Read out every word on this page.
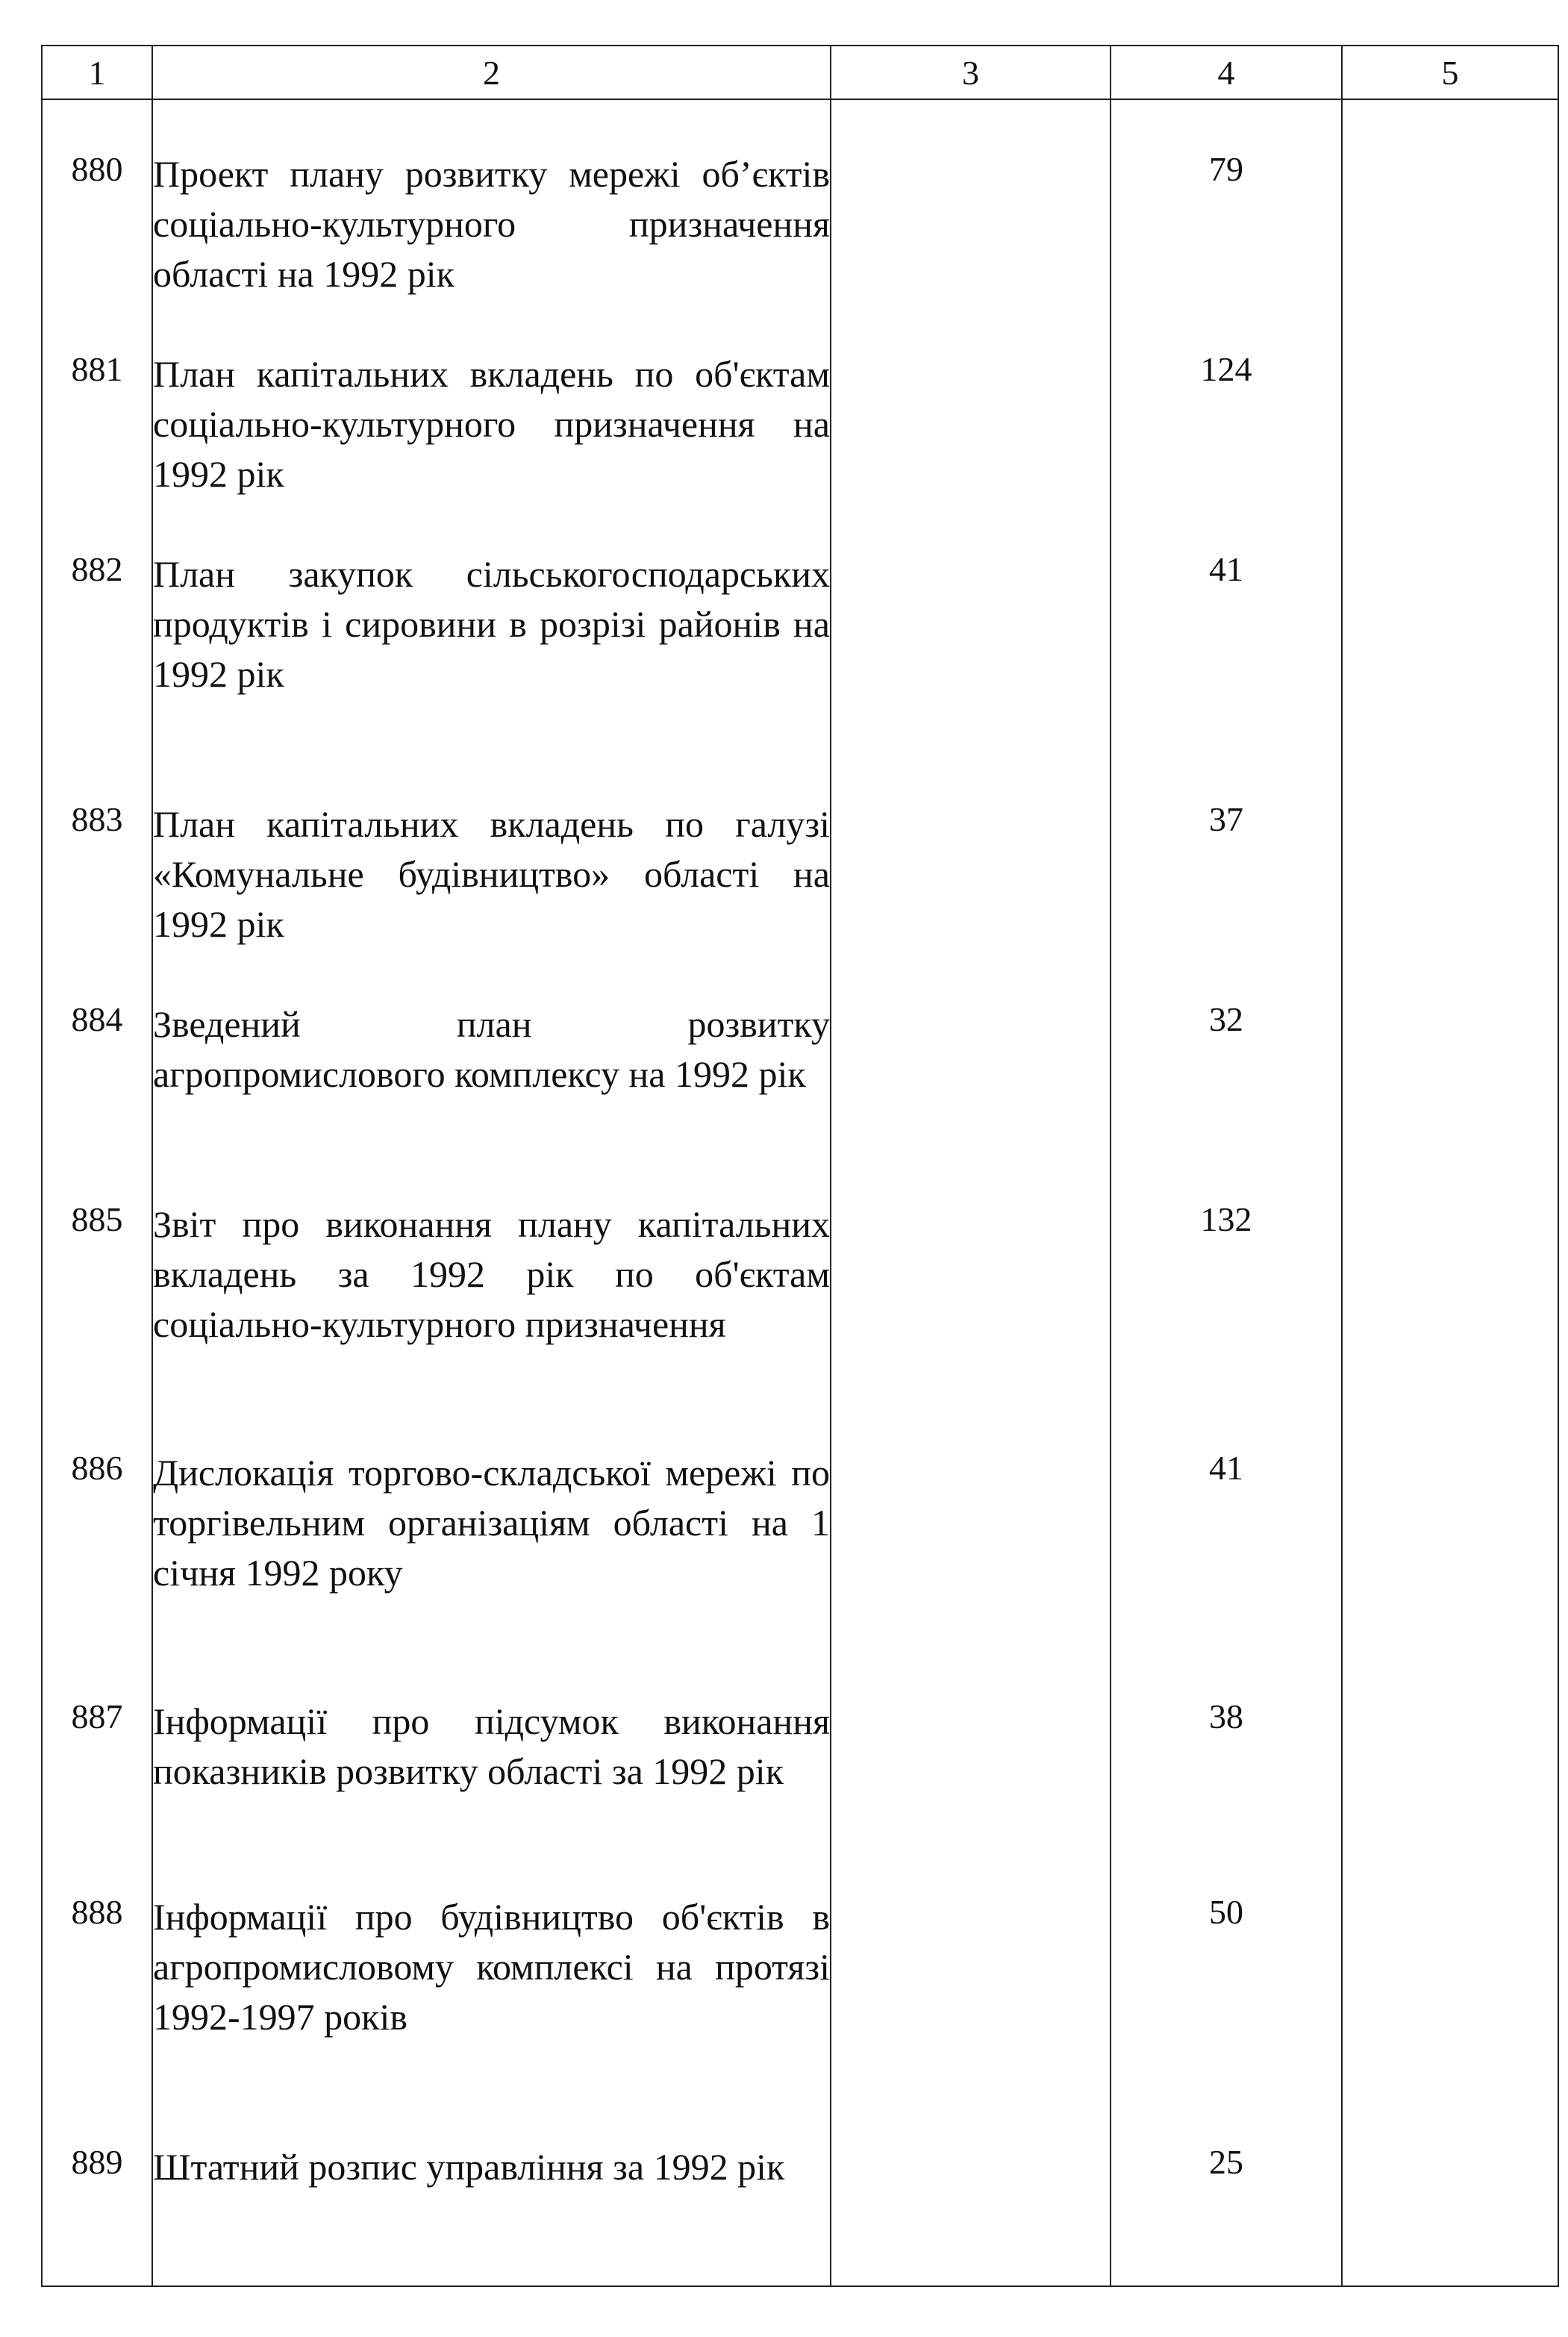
1	2	3	4	5

880	Проект плану розвитку мережі об’єктів соціально-культурного призначення області на 1992 рік		79	
881	План капітальних вкладень по об'єктам соціально-культурного призначення на 1992 рік		124	
882	План закупок сільськогосподарських продуктів і сировини в розрізі районів на 1992 рік		41	
883	План капітальних вкладень по галузі «Комунальне будівництво» області на 1992 рік		37	
884	Зведений план розвитку агропромислового комплексу на 1992 рік		32	
885	Звіт про виконання плану капітальних вкладень за 1992 рік по об'єктам соціально-культурного призначення		132	
886	Дислокація торгово-складської мережі по торгівельним організаціям області на 1 січня 1992 року		41	
887	Інформації про підсумок виконання показників розвитку області за 1992 рік		38	
888	Інформації про будівництво об'єктів в агропромисловому комплексі на протязі 1992-1997 років		50	
889	Штатний розпис управління за 1992 рік		25	
